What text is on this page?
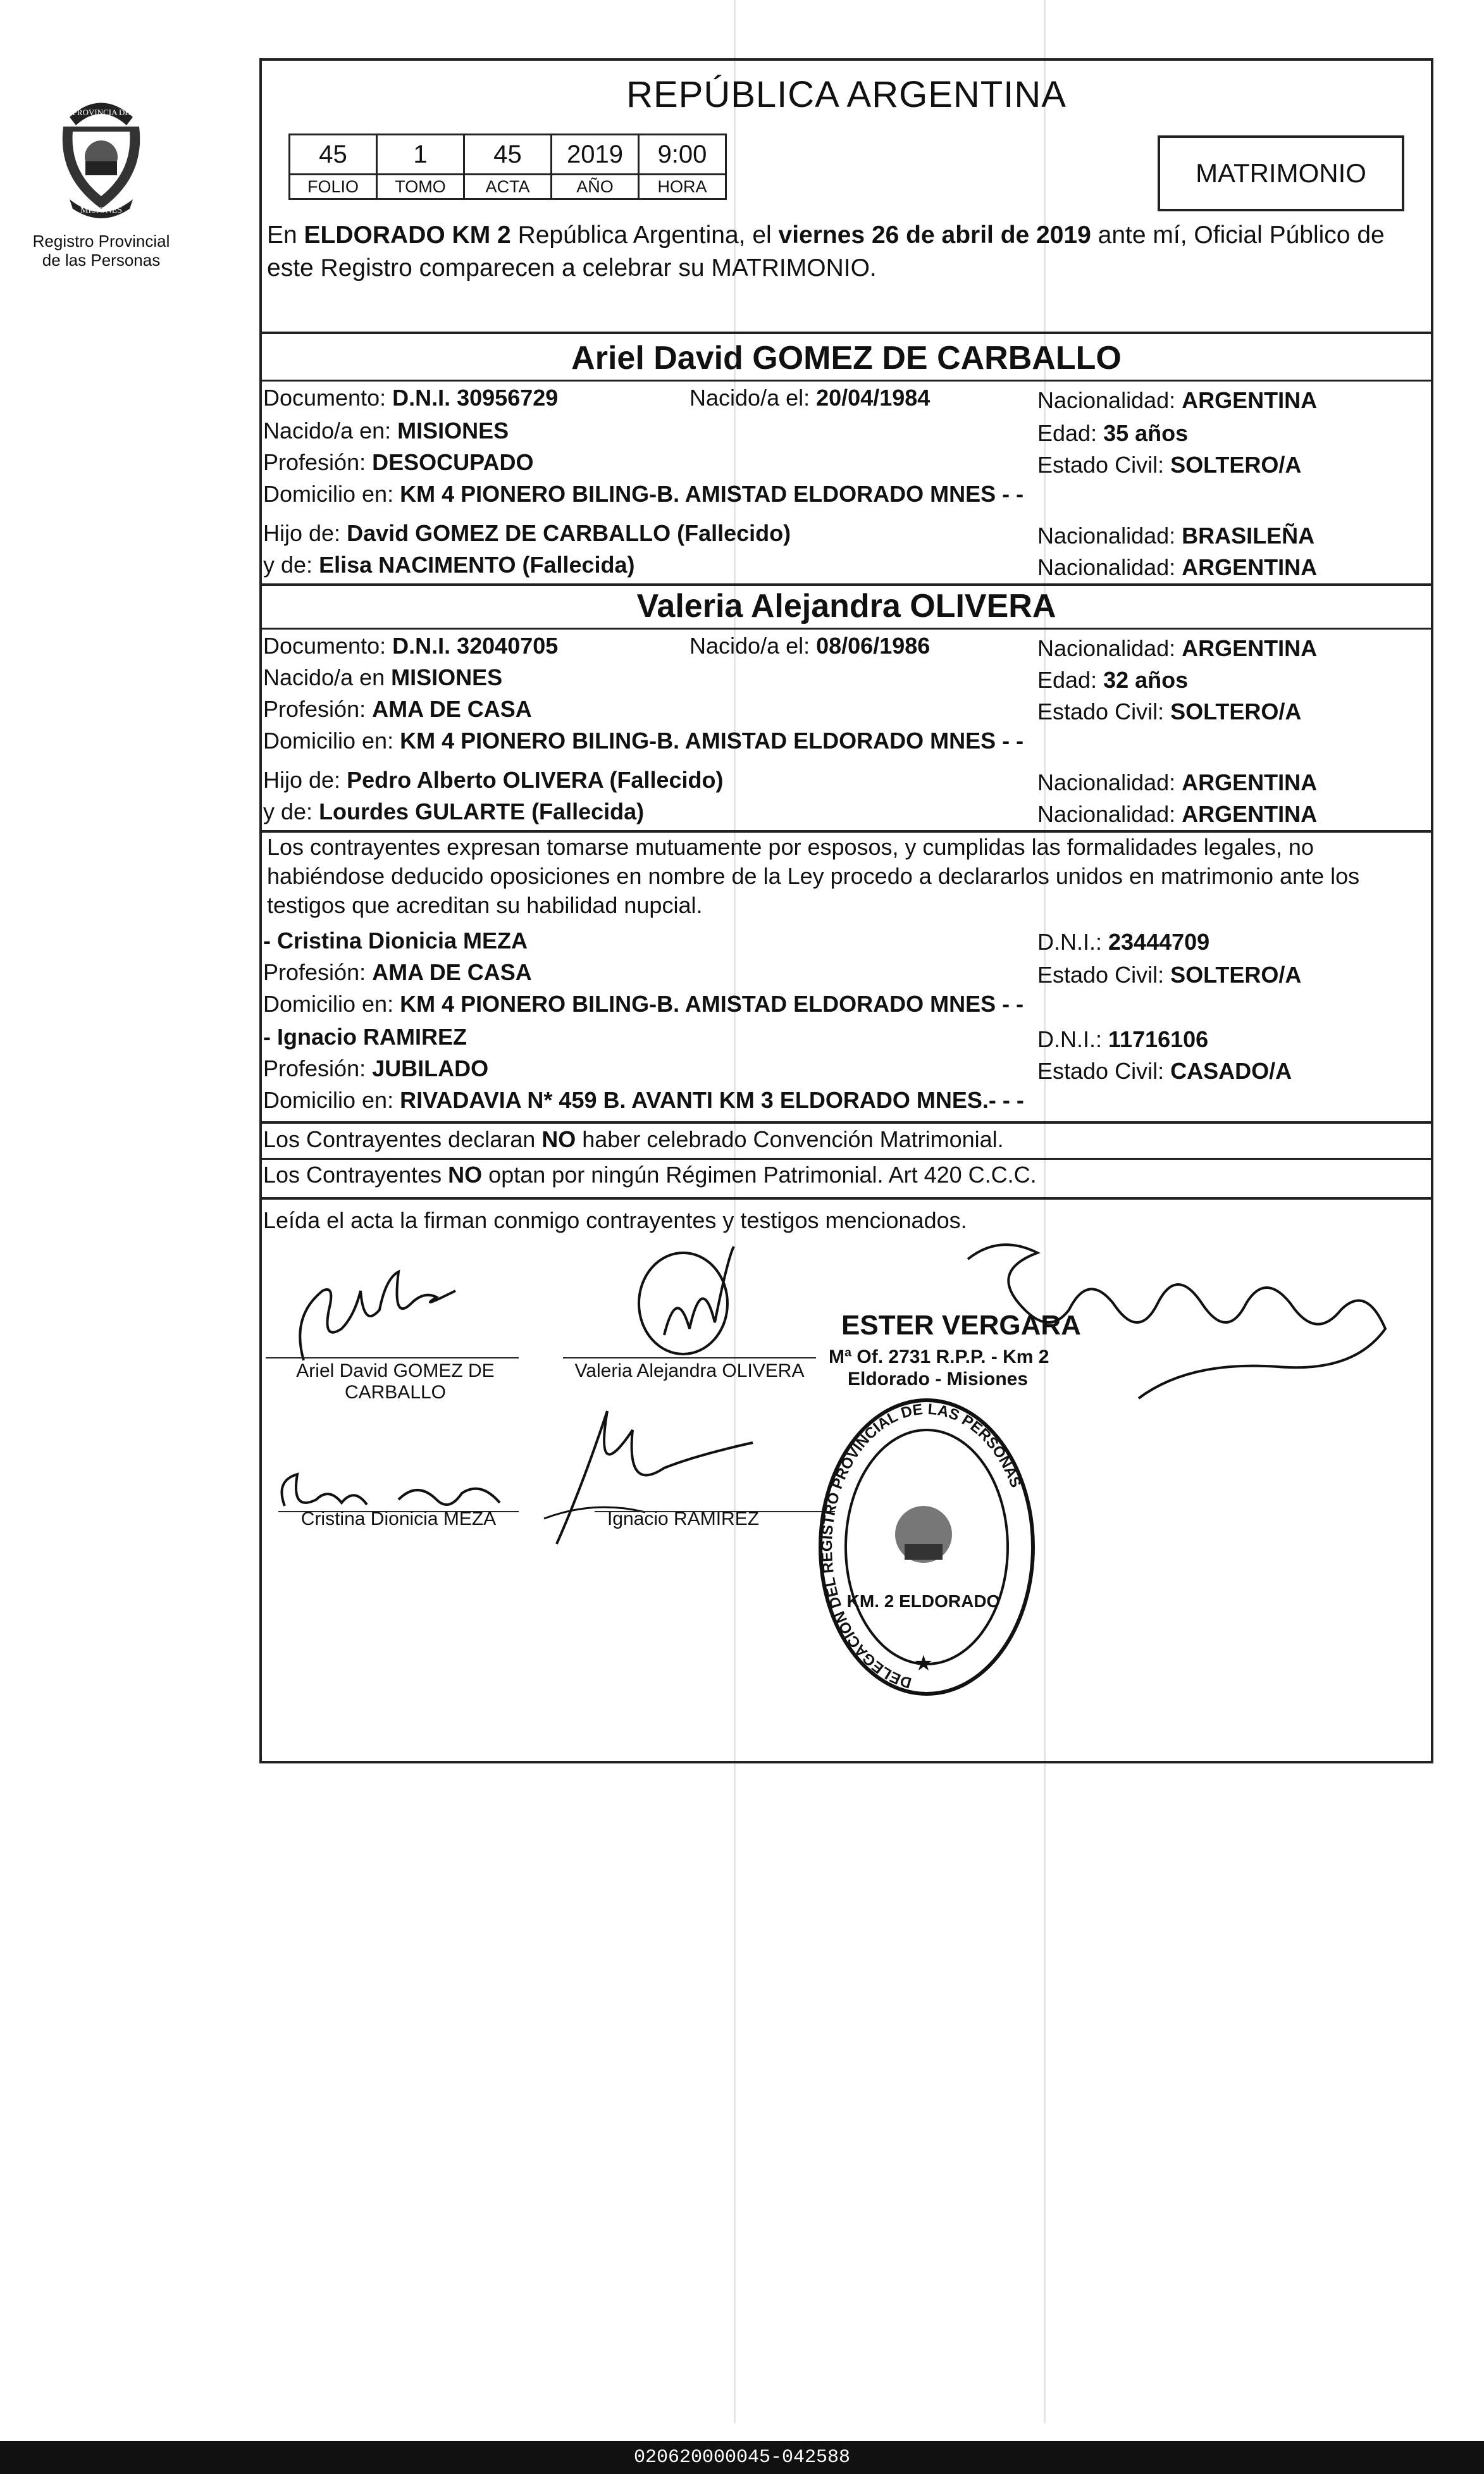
PROVINCIA DE
MISIONES
Registro Provincial
de las Personas
REPÚBLICA ARGENTINA
45	1	45	2019	9:00
FOLIO	TOMO	ACTA	AÑO	HORA	MATRIMONIO
En ELDORADO KM 2 República Argentina, el viernes 26 de abril de 2019 ante mí, Oficial Público de este Registro comparecen a celebrar su MATRIMONIO.
Ariel David GOMEZ DE CARBALLO
Documento: D.N.I. 30956729	Nacido/a el: 20/04/1984	Nacionalidad: ARGENTINA
Nacido/a en: MISIONES	Edad: 35 años
Profesión: DESOCUPADO	Estado Civil: SOLTERO/A
Domicilio en: KM 4 PIONERO BILING-B. AMISTAD ELDORADO MNES - -
Hijo de: David GOMEZ DE CARBALLO (Fallecido)	Nacionalidad: BRASILEÑA
y de: Elisa NACIMENTO (Fallecida)	Nacionalidad: ARGENTINA
Valeria Alejandra OLIVERA
Documento: D.N.I. 32040705	Nacido/a el: 08/06/1986	Nacionalidad: ARGENTINA
Nacido/a en MISIONES	Edad: 32 años
Profesión: AMA DE CASA	Estado Civil: SOLTERO/A
Domicilio en: KM 4 PIONERO BILING-B. AMISTAD ELDORADO MNES - -
Hijo de: Pedro Alberto OLIVERA (Fallecido)	Nacionalidad: ARGENTINA
y de: Lourdes GULARTE (Fallecida)	Nacionalidad: ARGENTINA
Los contrayentes expresan tomarse mutuamente por esposos, y cumplidas las formalidades legales, no habiéndose deducido oposiciones en nombre de la Ley procedo a declararlos unidos en matrimonio ante los testigos que acreditan su habilidad nupcial.
- Cristina Dionicia MEZA	D.N.I.: 23444709
Profesión: AMA DE CASA	Estado Civil: SOLTERO/A
Domicilio en: KM 4 PIONERO BILING-B. AMISTAD ELDORADO MNES - -
- Ignacio RAMIREZ	D.N.I.: 11716106
Profesión: JUBILADO	Estado Civil: CASADO/A
Domicilio en: RIVADAVIA N* 459 B. AVANTI KM 3 ELDORADO MNES.- - -
Los Contrayentes declaran NO haber celebrado Convención Matrimonial.
Los Contrayentes NO optan por ningún Régimen Patrimonial. Art 420 C.C.C.
Leída el acta la firman conmigo contrayentes y testigos mencionados.
Ariel David GOMEZ DE
CARBALLO
Valeria Alejandra OLIVERA
Cristina Dionicia MEZA	Ignacio RAMIREZ
ESTER VERGARA
Mª Of. 2731 R.P.P. - Km 2
Eldorado - Misiones
DELEGACION DEL REGISTRO PROVINCIAL DE LAS PERSONAS
KM. 2 ELDORADO
★
020620000045-042588
